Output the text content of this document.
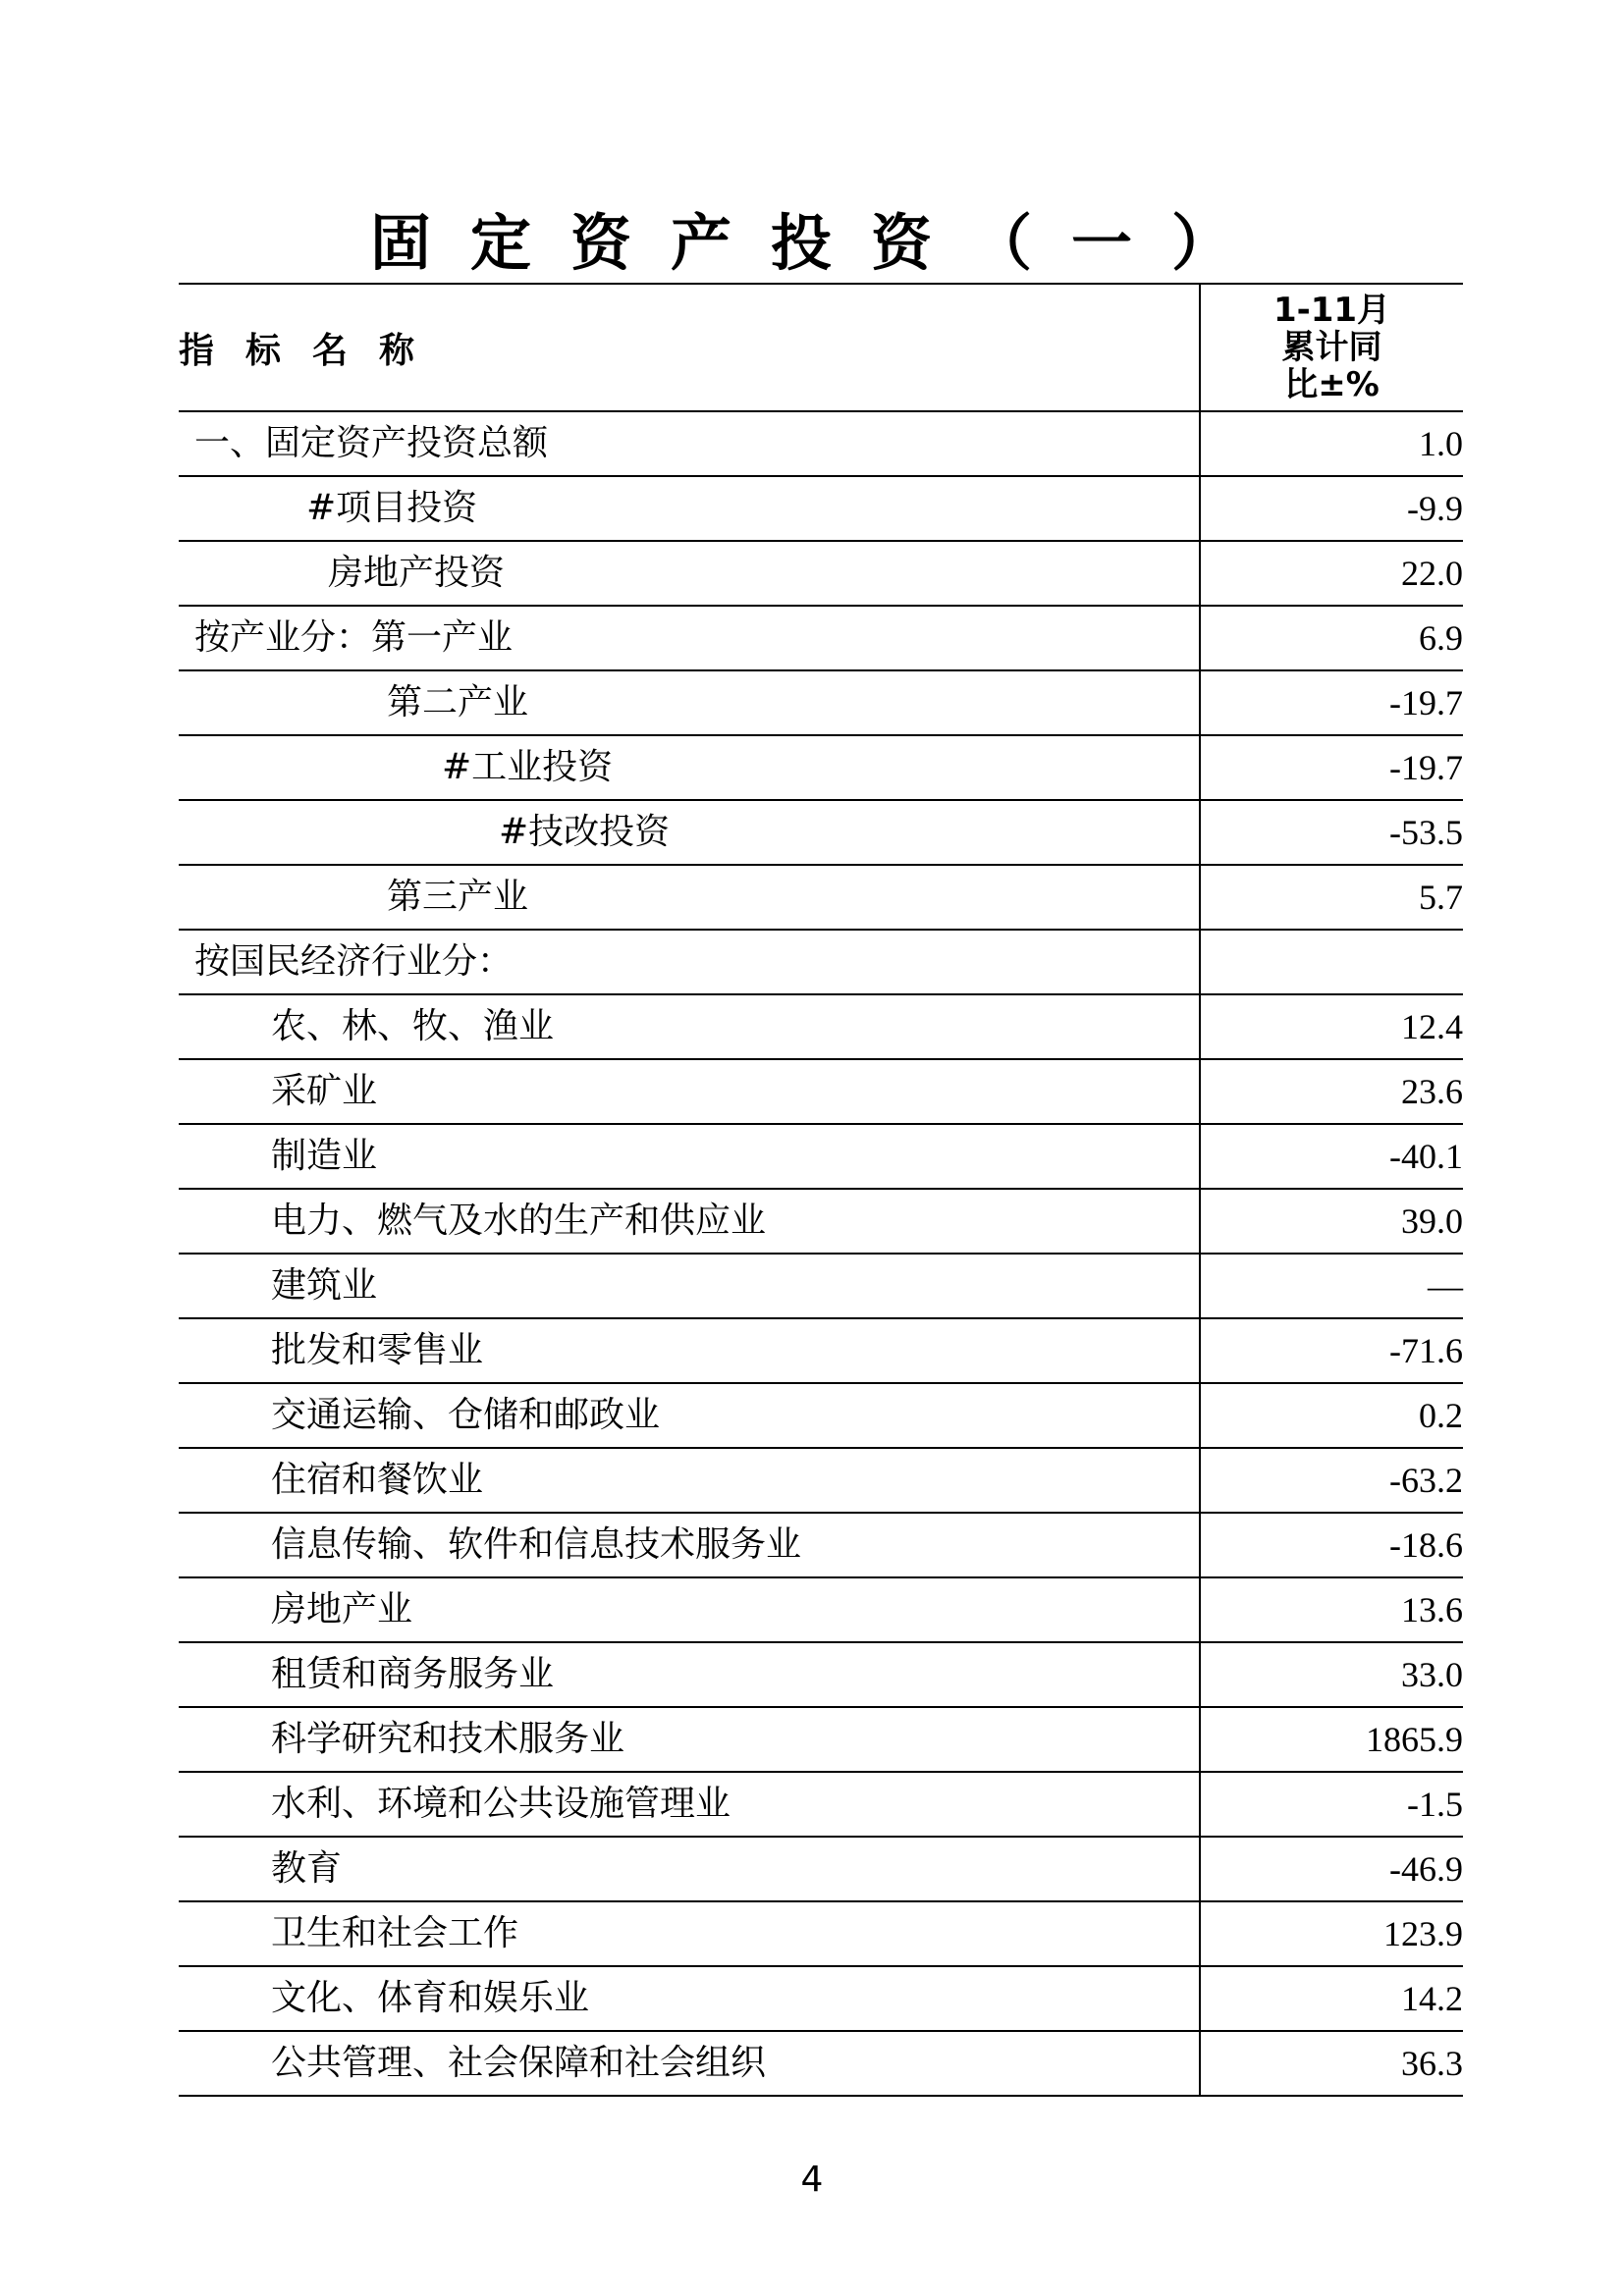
固定资产投资（一）
指标名称	1-11月
累计同
比±%

一、固定资产投资总额	1.0
#项目投资	-9.9
房地产投资	22.0
按产业分：第一产业	6.9
第二产业	-19.7
#工业投资	-19.7
#技改投资	-53.5
第三产业	5.7
按国民经济行业分：	
农、林、牧、渔业	12.4
采矿业	23.6
制造业	-40.1
电力、燃气及水的生产和供应业	39.0
建筑业	—
批发和零售业	-71.6
交通运输、仓储和邮政业	0.2
住宿和餐饮业	-63.2
信息传输、软件和信息技术服务业	-18.6
房地产业	13.6
租赁和商务服务业	33.0
科学研究和技术服务业	1865.9
水利、环境和公共设施管理业	-1.5
教育	-46.9
卫生和社会工作	123.9
文化、体育和娱乐业	14.2
公共管理、社会保障和社会组织	36.3
4
